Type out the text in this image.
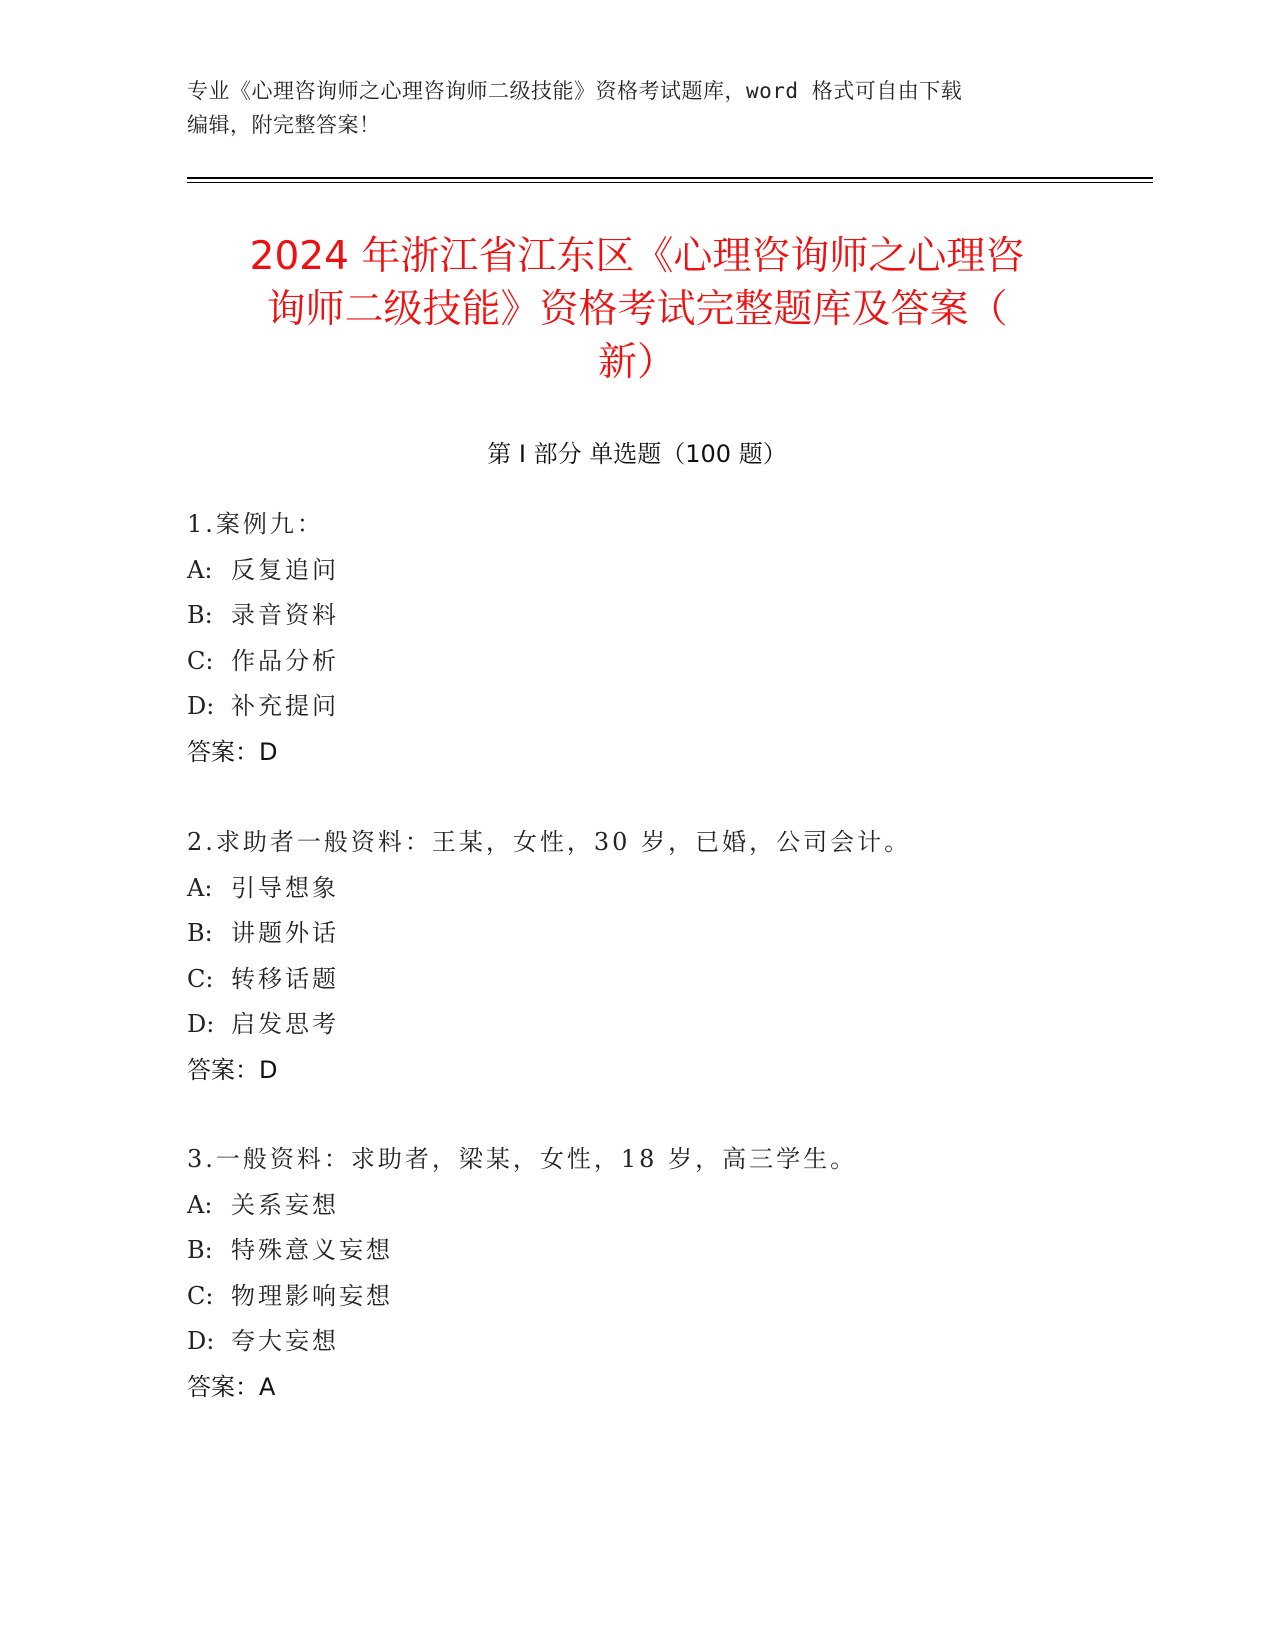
专业《心理咨询师之心理咨询师二级技能》资格考试题库，word 格式可自由下载
编辑，附完整答案！
2024 年浙江省江东区《心理咨询师之心理咨
询师二级技能》资格考试完整题库及答案（
新）
第 I 部分 单选题（100 题）
1.案例九：
A: 反复追问
B: 录音资料
C: 作品分析
D: 补充提问
答案：D
2.求助者一般资料：王某，女性，30 岁，已婚，公司会计。
A: 引导想象
B: 讲题外话
C: 转移话题
D: 启发思考
答案：D
3.一般资料：求助者，梁某，女性，18 岁，高三学生。
A: 关系妄想
B: 特殊意义妄想
C: 物理影响妄想
D: 夸大妄想
答案：A
